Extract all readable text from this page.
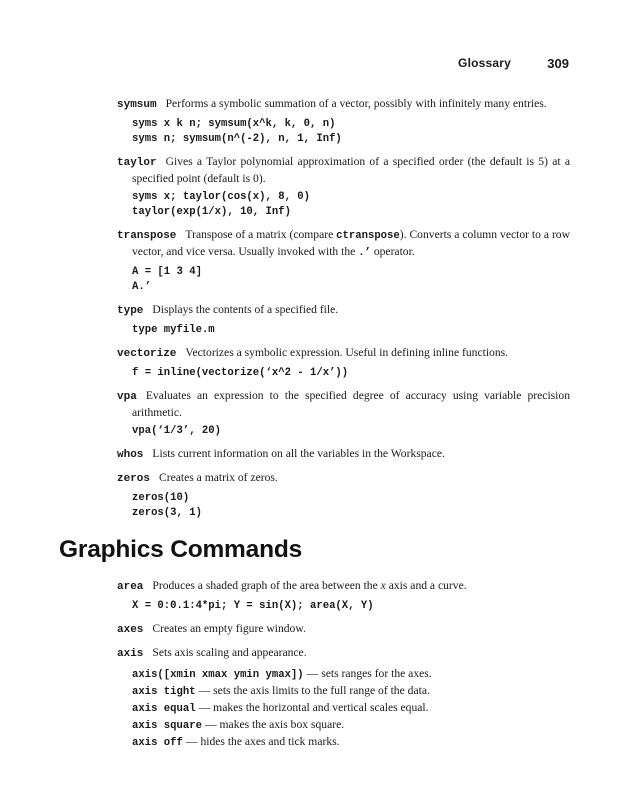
Glossary	309
symsum Performs a symbolic summation of a vector, possibly with infinitely many entries.
syms x k n; symsum(x^k, k, 0, n)
syms n; symsum(n^(-2), n, 1, Inf)
taylor Gives a Taylor polynomial approximation of a specified order (the default is 5) at a specified point (default is 0).
syms x; taylor(cos(x), 8, 0)
taylor(exp(1/x), 10, Inf)
transpose Transpose of a matrix (compare ctranspose). Converts a column vector to a row vector, and vice versa. Usually invoked with the .’ operator.
A = [1 3 4]
A.’
type Displays the contents of a specified file.
type myfile.m
vectorize Vectorizes a symbolic expression. Useful in defining inline functions.
f = inline(vectorize(‘x^2 - 1/x’))
vpa Evaluates an expression to the specified degree of accuracy using variable precision arithmetic.
vpa(‘1/3’, 20)
whos Lists current information on all the variables in the Workspace.
zeros Creates a matrix of zeros.
zeros(10)
zeros(3, 1)
Graphics Commands
area Produces a shaded graph of the area between the x axis and a curve.
X = 0:0.1:4*pi; Y = sin(X); area(X, Y)
axes Creates an empty figure window.
axis Sets axis scaling and appearance.
axis([xmin xmax ymin ymax]) — sets ranges for the axes.
axis tight — sets the axis limits to the full range of the data.
axis equal — makes the horizontal and vertical scales equal.
axis square — makes the axis box square.
axis off — hides the axes and tick marks.
